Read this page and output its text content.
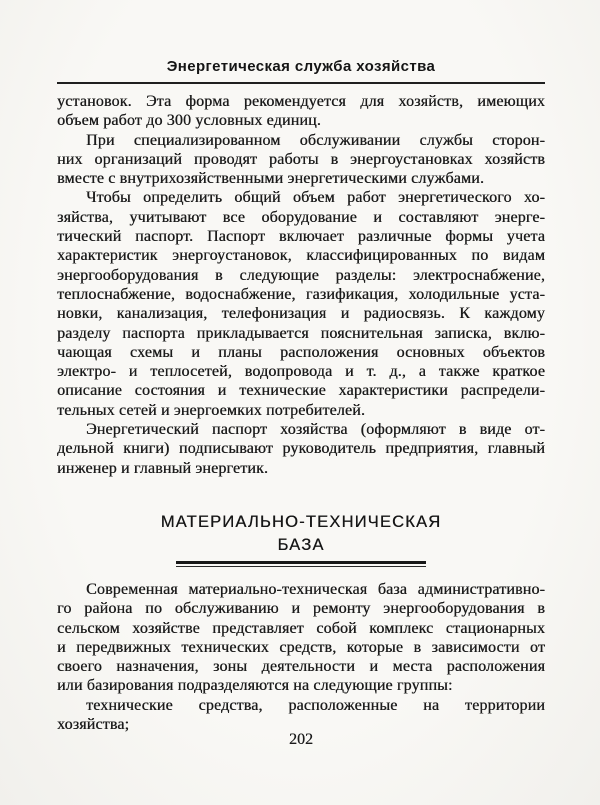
Энергетическая служба хозяйства
установок. Эта форма рекомендуется для хозяйств, имеющих
объем работ до 300 условных единиц.
При специализированном обслуживании службы сторон-
них организаций проводят работы в энергоустановках хозяйств
вместе с внутрихозяйственными энергетическими службами.
Чтобы определить общий объем работ энергетического хо-
зяйства, учитывают все оборудование и составляют энерге-
тический паспорт. Паспорт включает различные формы учета
характеристик энергоустановок, классифицированных по видам
энергооборудования в следующие разделы: электроснабжение,
теплоснабжение, водоснабжение, газификация, холодильные уста-
новки, канализация, телефонизация и радиосвязь. К каждому
разделу паспорта прикладывается пояснительная записка, вклю-
чающая схемы и планы расположения основных объектов
электро- и теплосетей, водопровода и т. д., а также краткое
описание состояния и технические характеристики распредели-
тельных сетей и энергоемких потребителей.
Энергетический паспорт хозяйства (оформляют в виде от-
дельной книги) подписывают руководитель предприятия, главный
инженер и главный энергетик.
МАТЕРИАЛЬНО-ТЕХНИЧЕСКАЯ
БАЗА
Современная материально-техническая база административно-
го района по обслуживанию и ремонту энергооборудования в
сельском хозяйстве представляет собой комплекс стационарных
и передвижных технических средств, которые в зависимости от
своего назначения, зоны деятельности и места расположения
или базирования подразделяются на следующие группы:
технические средства, расположенные на территории
хозяйства;
202
